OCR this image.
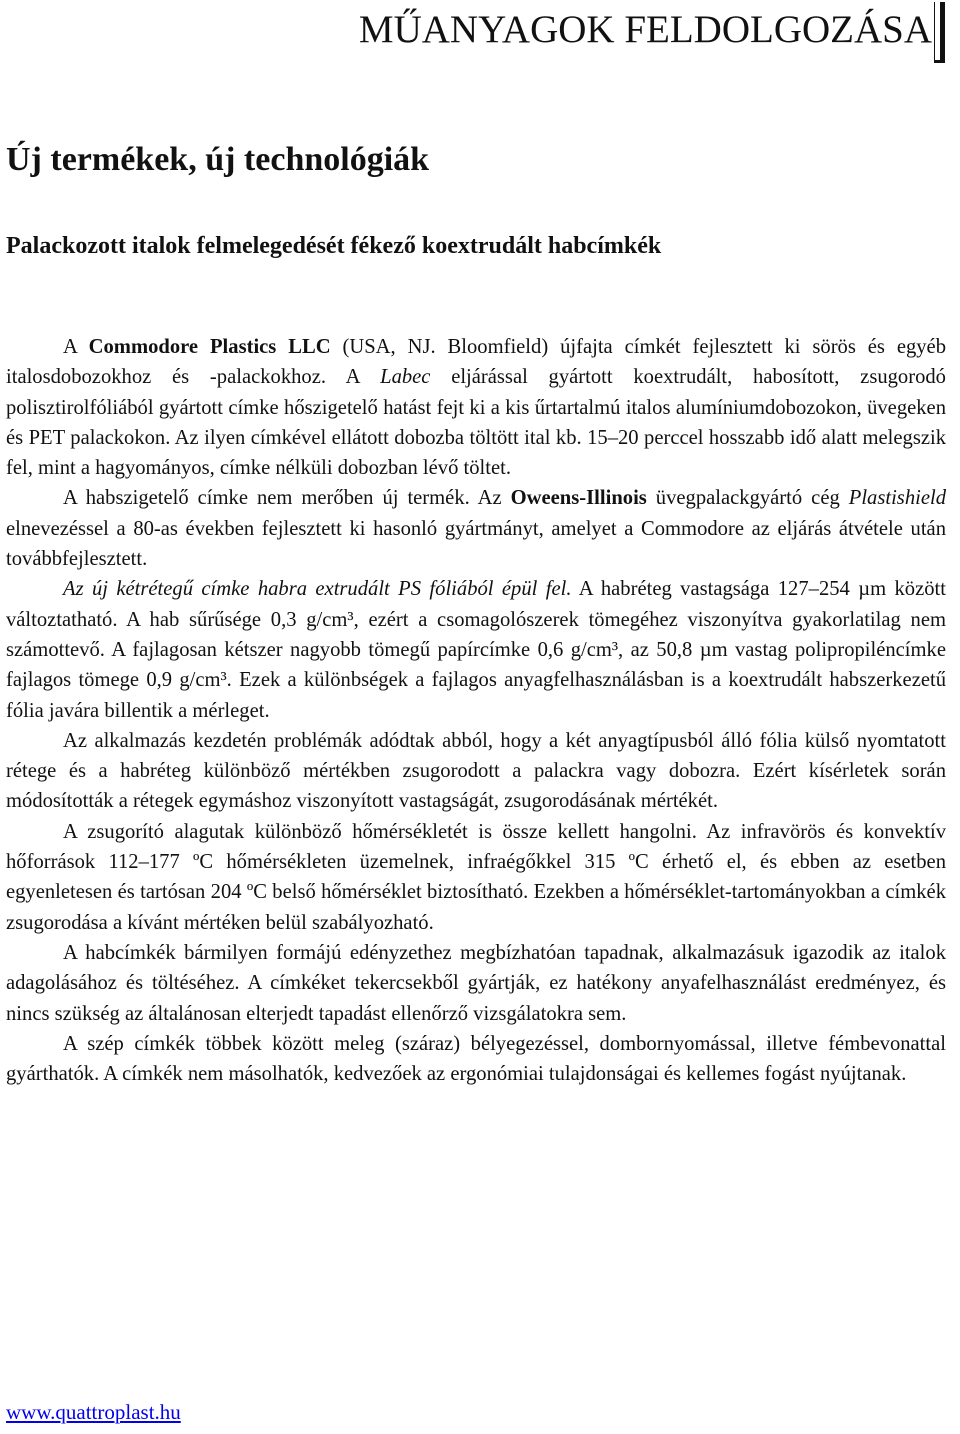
MŰANYAGOK FELDOLGOZÁSA
Új termékek, új technológiák
Palackozott italok felmelegedését fékező koextrudált habcímkék

A Commodore Plastics LLC (USA, NJ. Bloomfield) újfajta címkét fejlesztett ki sörös és egyéb italosdobozokhoz és -palackokhoz. A Labec eljárással gyártott koextrudált, habosított, zsugorodó polisztirolfóliából gyártott címke hőszigetelő hatást fejt ki a kis űrtartalmú italos alumíniumdobozokon, üvegeken és PET palackokon. Az ilyen címkével ellátott dobozba töltött ital kb. 15–20 perccel hosszabb idő alatt melegszik fel, mint a hagyományos, címke nélküli dobozban lévő töltet.

A habszigetelő címke nem merőben új termék. Az Oweens-Illinois üvegpalackgyártó cég Plastishield elnevezéssel a 80-as években fejlesztett ki hasonló gyártmányt, amelyet a Commodore az eljárás átvétele után továbbfejlesztett.

Az új kétrétegű címke habra extrudált PS fóliából épül fel. A habréteg vastagsága 127–254 µm között változtatható. A hab sűrűsége 0,3 g/cm³, ezért a csomagolószerek tömegéhez viszonyítva gyakorlatilag nem számottevő. A fajlagosan kétszer nagyobb tömegű papírcímke 0,6 g/cm³, az 50,8 µm vastag polipropiléncímke fajlagos tömege 0,9 g/cm³. Ezek a különbségek a fajlagos anyagfelhasználásban is a koextrudált habszerkezetű fólia javára billentik a mérleget.

Az alkalmazás kezdetén problémák adódtak abból, hogy a két anyagtípusból álló fólia külső nyomtatott rétege és a habréteg különböző mértékben zsugorodott a palackra vagy dobozra. Ezért kísérletek során módosították a rétegek egymáshoz viszonyított vastagságát, zsugorodásának mértékét.

A zsugorító alagutak különböző hőmérsékletét is össze kellett hangolni. Az infravörös és konvektív hőforrások 112–177 ºC hőmérsékleten üzemelnek, infraégőkkel 315 ºC érhető el, és ebben az esetben egyenletesen és tartósan 204 ºC belső hőmérséklet biztosítható. Ezekben a hőmérséklet-tartományokban a címkék zsugorodása a kívánt mértéken belül szabályozható.

A habcímkék bármilyen formájú edényzethez megbízhatóan tapadnak, alkalmazásuk igazodik az italok adagolásához és töltéséhez. A címkéket tekercsekből gyártják, ez hatékony anyafelhasználást eredményez, és nincs szükség az általánosan elterjedt tapadást ellenőrző vizsgálatokra sem.

A szép címkék többek között meleg (száraz) bélyegezéssel, dombornyomással, illetve fémbevonattal gyárthatók. A címkék nem másolhatók, kedvezőek az ergonómiai tulajdonságai és kellemes fogást nyújtanak.

www.quattroplast.hu
